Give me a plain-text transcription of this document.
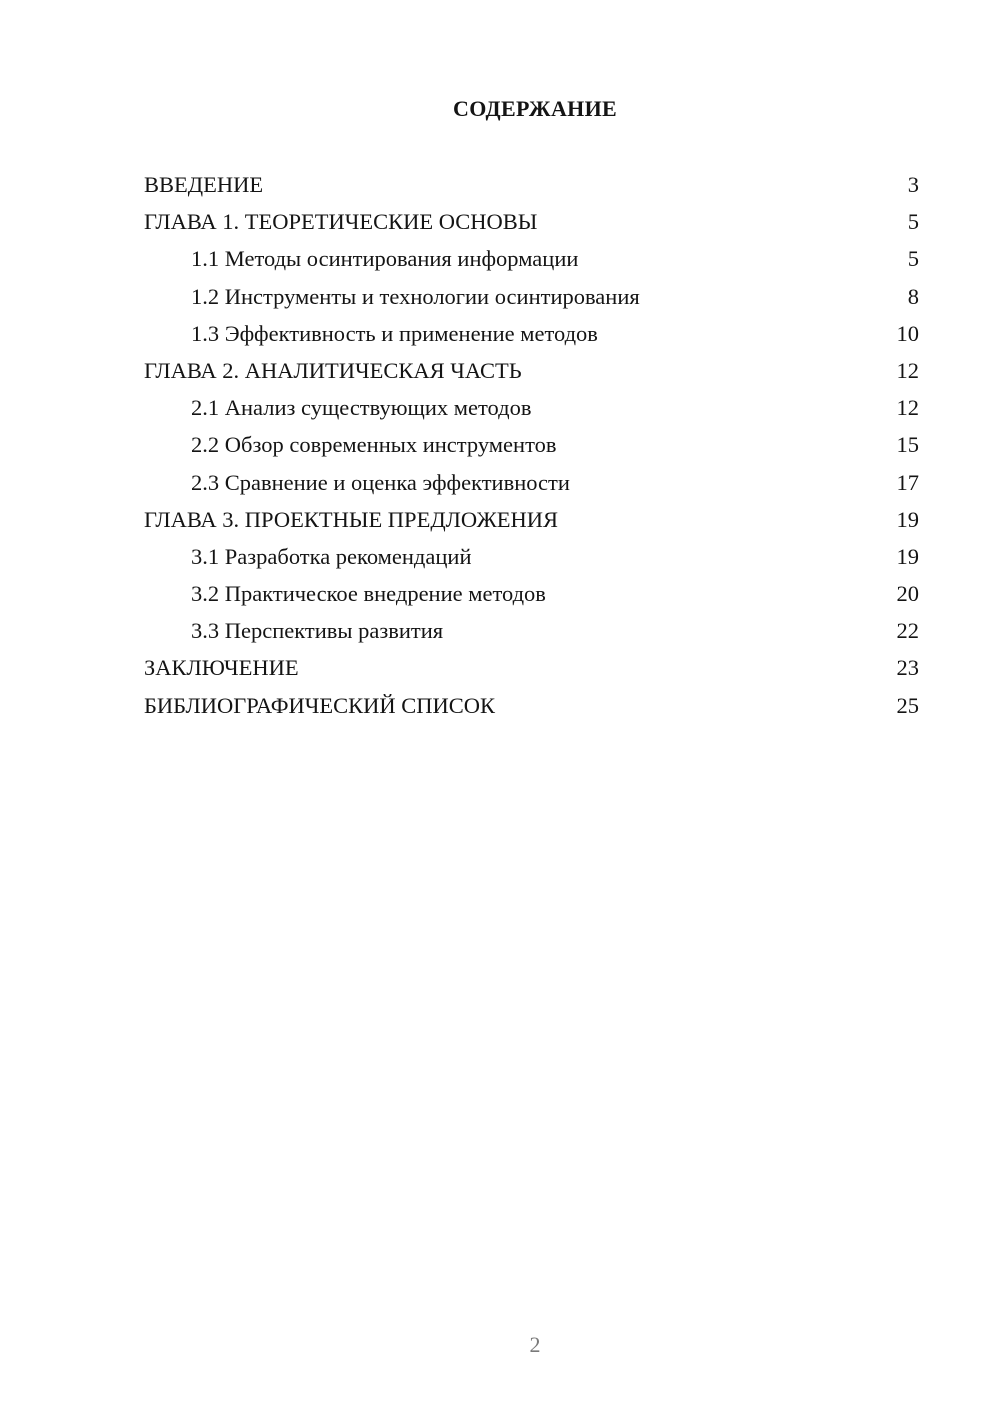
СОДЕРЖАНИЕ
ВВЕДЕНИЕ	3
ГЛАВА 1. ТЕОРЕТИЧЕСКИЕ ОСНОВЫ	5
1.1 Методы осинтирования информации	5
1.2 Инструменты и технологии осинтирования	8
1.3 Эффективность и применение методов	10
ГЛАВА 2. АНАЛИТИЧЕСКАЯ ЧАСТЬ	12
2.1 Анализ существующих методов	12
2.2 Обзор современных инструментов	15
2.3 Сравнение и оценка эффективности	17
ГЛАВА 3. ПРОЕКТНЫЕ ПРЕДЛОЖЕНИЯ	19
3.1 Разработка рекомендаций	19
3.2 Практическое внедрение методов	20
3.3 Перспективы развития	22
ЗАКЛЮЧЕНИЕ	23
БИБЛИОГРАФИЧЕСКИЙ СПИСОК	25
2
